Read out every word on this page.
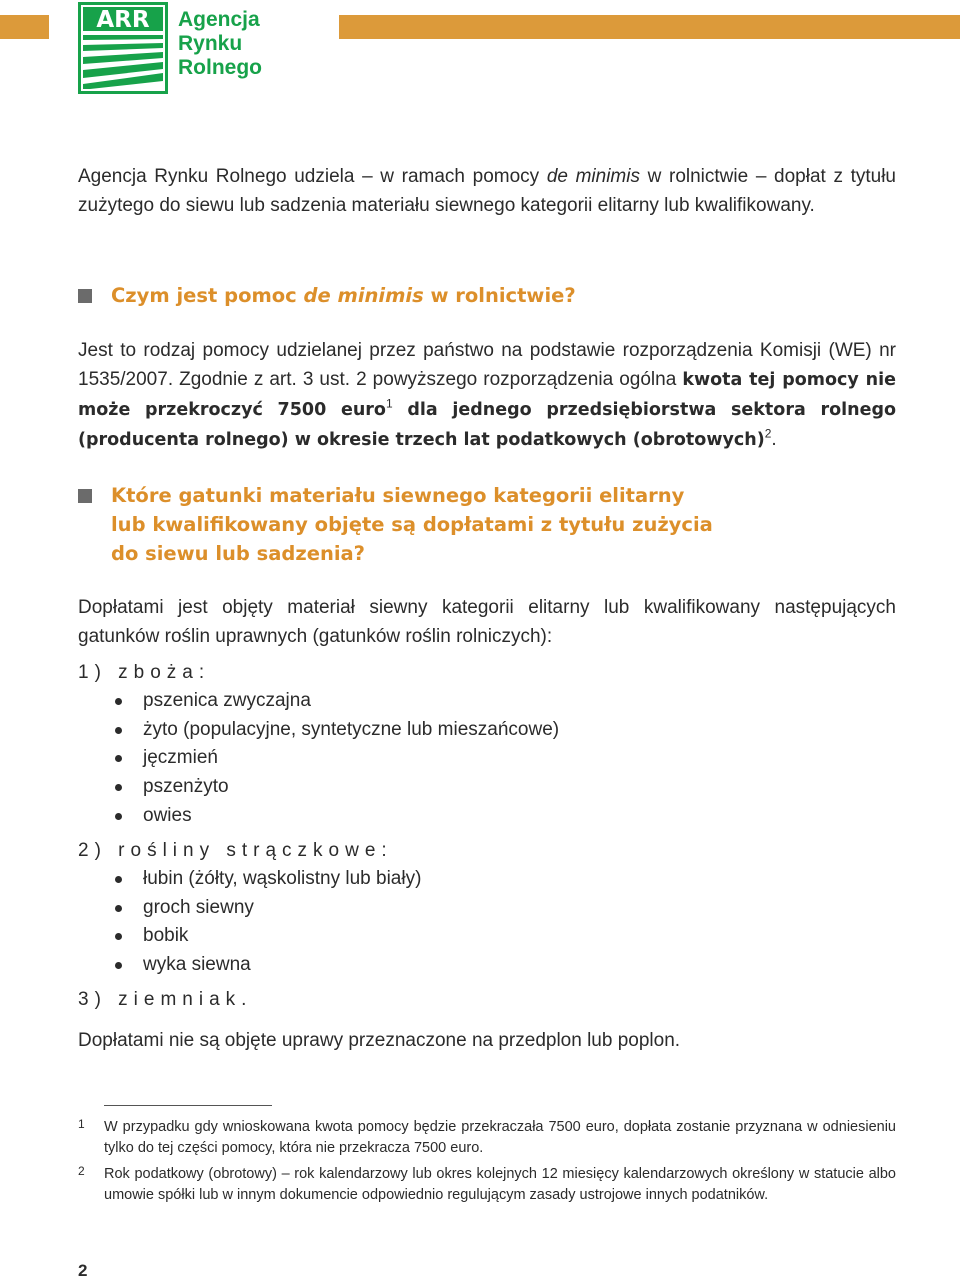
ARR Agencja
Rynku
Rolnego

Agencja Rynku Rolnego udziela – w ramach pomocy de minimis w rolnictwie – dopłat z tytułu zużytego do siewu lub sadzenia materiału siewnego kategorii elitarny lub kwalifikowany.

Czym jest pomoc de minimis w rolnictwie?

Jest to rodzaj pomocy udzielanej przez państwo na podstawie rozporządzenia Komisji (WE) nr 1535/2007. Zgodnie z art. 3 ust. 2 powyższego rozporządzenia ogólna kwota tej pomocy nie może przekroczyć 7500 euro$^1$ dla jednego przedsiębiorstwa sektora rolnego (producenta rolnego) w okresie trzech lat podatkowych (obrotowych)$^2$.

Które gatunki materiału siewnego kategorii elitarny
lub kwalifikowany objęte są dopłatami z tytułu zużycia
do siewu lub sadzenia?

Dopłatami jest objęty materiał siewny kategorii elitarny lub kwalifikowany następujących gatunków roślin uprawnych (gatunków roślin rolniczych):

1) zboża:
pszenica zwyczajna
żyto (populacyjne, syntetyczne lub mieszańcowe)
jęczmień
pszenżyto
owies
2) rośliny strączkowe:
łubin (żółty, wąskolistny lub biały)
groch siewny
bobik
wyka siewna
3) ziemniak.

Dopłatami nie są objęte uprawy przeznaczone na przedplon lub poplon.

1 W przypadku gdy wnioskowana kwota pomocy będzie przekraczała 7500 euro, dopłata zostanie przyznana w odniesieniu tylko do tej części pomocy, która nie przekracza 7500 euro.
2 Rok podatkowy (obrotowy) – rok kalendarzowy lub okres kolejnych 12 miesięcy kalendarzowych określony w statucie albo umowie spółki lub w innym dokumencie odpowiednio regulującym zasady ustrojowe innych podatników.
2
